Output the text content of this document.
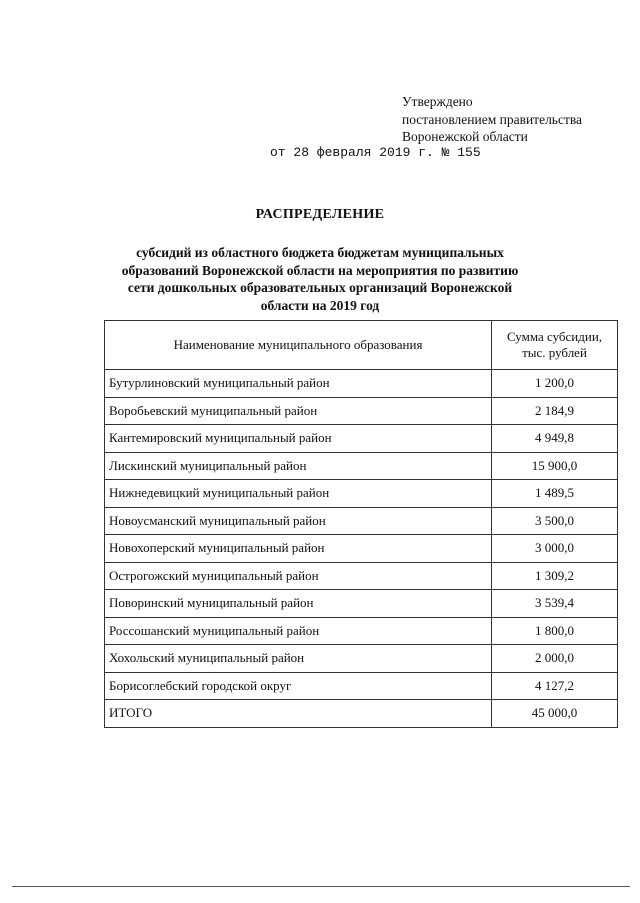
Утверждено
постановлением правительства
Воронежской области
от 28 февраля 2019 г. № 155
РАСПРЕДЕЛЕНИЕ
субсидий из областного бюджета бюджетам муниципальных образований Воронежской области на мероприятия по развитию сети дошкольных образовательных организаций Воронежской области на 2019 год
Наименование муниципального образования	Сумма субсидии, тыс. рублей
Бутурлиновский муниципальный район	1 200,0
Воробьевский муниципальный район	2 184,9
Кантемировский муниципальный район	4 949,8
Лискинский муниципальный район	15 900,0
Нижнедевицкий муниципальный район	1 489,5
Новоусманский муниципальный район	3 500,0
Новохоперский муниципальный район	3 000,0
Острогожский муниципальный район	1 309,2
Поворинский муниципальный район	3 539,4
Россошанский муниципальный район	1 800,0
Хохольский муниципальный район	2 000,0
Борисоглебский городской округ	4 127,2
ИТОГО	45 000,0
